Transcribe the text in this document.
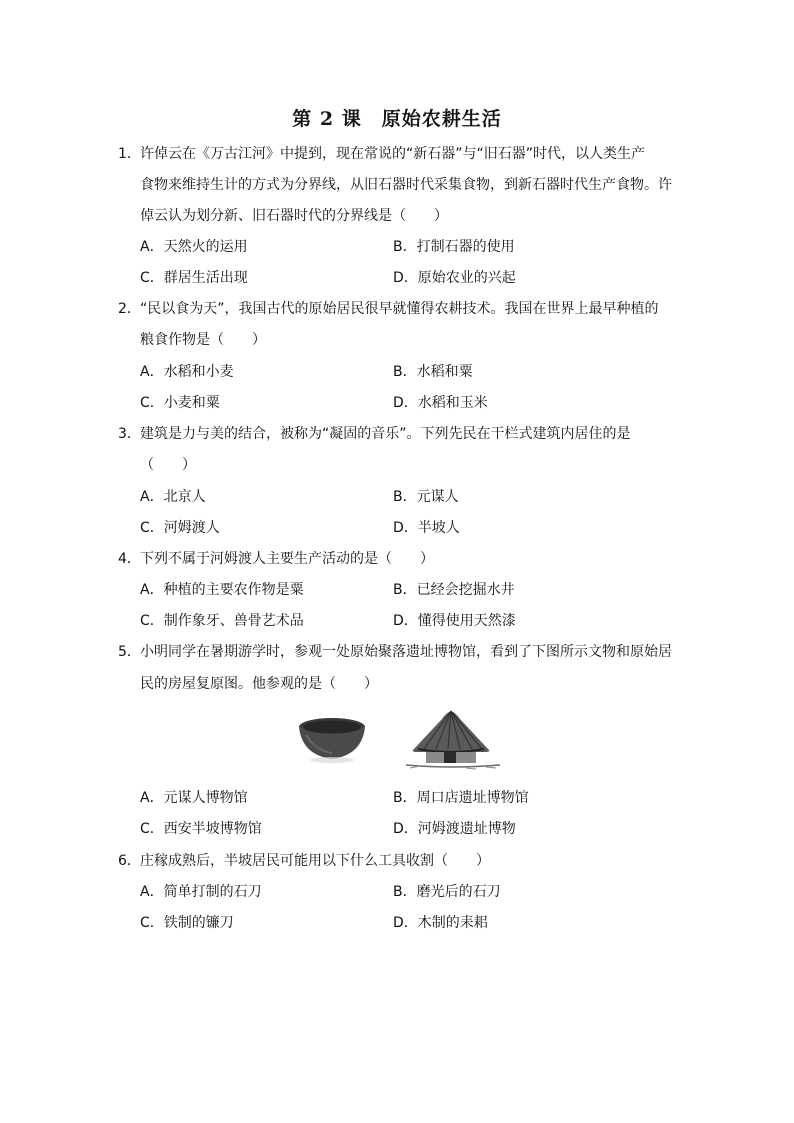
第 2 课　原始农耕生活
1． 许倬云在《万古江河》中提到，现在常说的“新石器”与“旧石器”时代，以人类生产
食物来维持生计的方式为分界线，从旧石器时代采集食物，到新石器时代生产食物。许
倬云认为划分新、旧石器时代的分界线是（　　）
A．天然火的运用	B．打制石器的使用
C．群居生活出现	D．原始农业的兴起
2． “民以食为天”，我国古代的原始居民很早就懂得农耕技术。我国在世界上最早种植的
粮食作物是（　　）
A．水稻和小麦	B．水稻和粟
C．小麦和粟	D．水稻和玉米
3． 建筑是力与美的结合，被称为“凝固的音乐”。下列先民在干栏式建筑内居住的是
（　　）
A．北京人	B．元谋人
C．河姆渡人	D．半坡人
4． 下列不属于河姆渡人主要生产活动的是（　　）
A．种植的主要农作物是粟	B．已经会挖掘水井
C．制作象牙、兽骨艺术品	D．懂得使用天然漆
5． 小明同学在暑期游学时，参观一处原始聚落遗址博物馆，看到了下图所示文物和原始居
民的房屋复原图。他参观的是（　　）
A．元谋人博物馆	B．周口店遗址博物馆
C．西安半坡博物馆	D．河姆渡遗址博物
6． 庄稼成熟后，半坡居民可能用以下什么工具收割（　　）
A．简单打制的石刀	B．磨光后的石刀
C．铁制的镰刀	D．木制的耒耜
